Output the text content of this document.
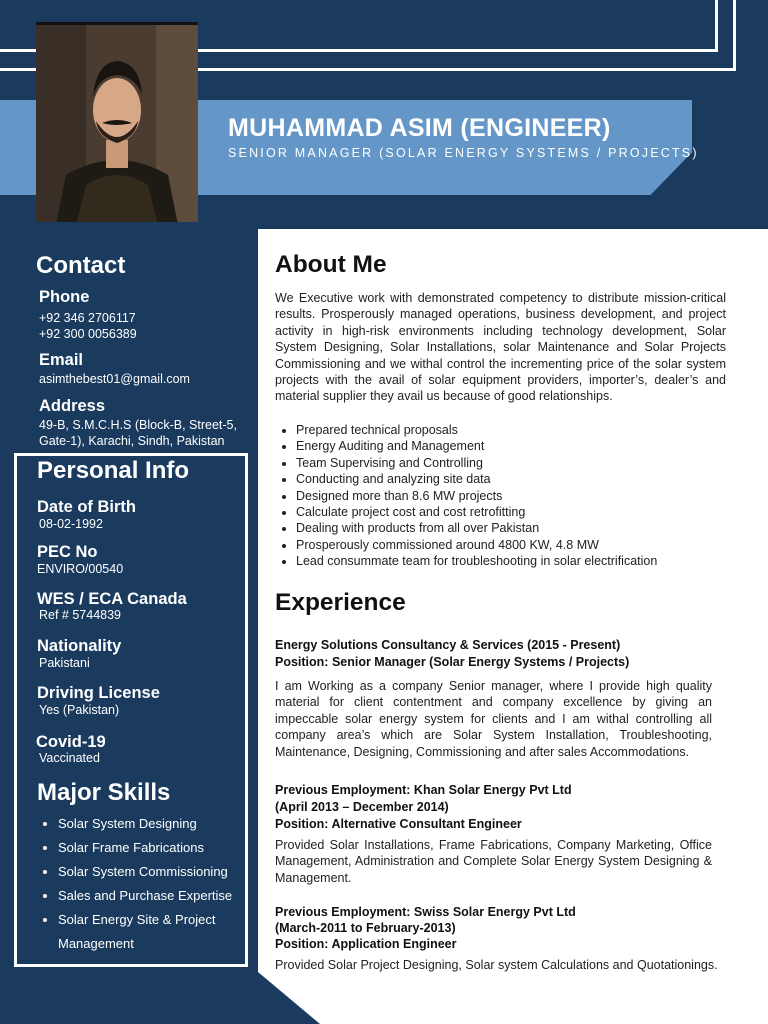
MUHAMMAD ASIM (ENGINEER)
SENIOR MANAGER (SOLAR ENERGY SYSTEMS / PROJECTS)
Contact
Phone
+92 346 2706117
+92 300 0056389
Email
asimthebest01@gmail.com
Address
49-B, S.M.C.H.S (Block-B, Street-5,
Gate-1), Karachi, Sindh, Pakistan
Personal Info
Date of Birth
08-02-1992
PEC No
ENVIRO/00540
WES / ECA Canada
Ref # 5744839
Nationality
Pakistani
Driving License
Yes (Pakistan)
Covid-19
Vaccinated
Major Skills
• Solar System Designing
• Solar Frame Fabrications
• Solar System Commissioning
• Sales and Purchase Expertise
• Solar Energy Site & Project
Management
About Me

We Executive work with demonstrated competency to distribute mission-critical results. Prosperously managed operations, business development, and project activity in high-risk environments including technology development, Solar System Designing, Solar Installations, solar Maintenance and Solar Projects Commissioning and we withal control the incrementing price of the solar system projects with the avail of solar equipment providers, importer’s, dealer’s and material supplier they avail us because of good relationships.

• Prepared technical proposals
• Energy Auditing and Management
• Team Supervising and Controlling
• Conducting and analyzing site data
• Designed more than 8.6 MW projects
• Calculate project cost and cost retrofitting
• Dealing with products from all over Pakistan
• Prosperously commissioned around 4800 KW, 4.8 MW
• Lead consummate team for troubleshooting in solar electrification
Experience
Energy Solutions Consultancy & Services (2015 - Present)
Position: Senior Manager (Solar Energy Systems / Projects)

I am Working as a company Senior manager, where I provide high quality material for client contentment and company excellence by giving an impeccable solar energy system for clients and I am withal controlling all company area’s which are Solar System Installation, Troubleshooting, Maintenance, Designing, Commissioning and after sales Accommodations.

Previous Employment: Khan Solar Energy Pvt Ltd
(April 2013 – December 2014)
Position: Alternative Consultant Engineer

Provided Solar Installations, Frame Fabrications, Company Marketing, Office Management, Administration and Complete Solar Energy System Designing & Management.

Previous Employment: Swiss Solar Energy Pvt Ltd
(March-2011 to February-2013)
Position: Application Engineer

Provided Solar Project Designing, Solar system Calculations and Quotationings.
